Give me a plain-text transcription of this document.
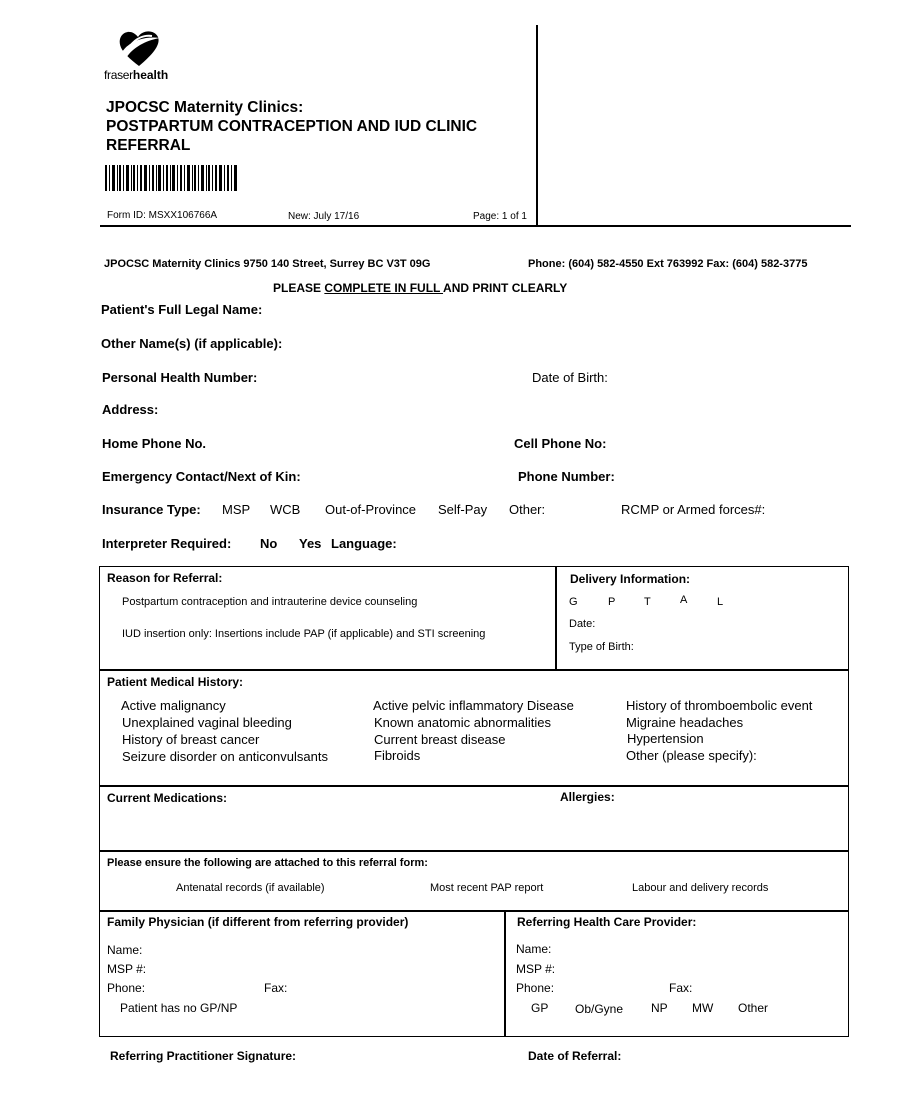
fraserhealth
JPOCSC Maternity Clinics:
POSTPARTUM CONTRACEPTION AND IUD CLINIC
REFERRAL
Form ID: MSXX106766A	New: July 17/16	Page: 1 of 1
JPOCSC Maternity Clinics 9750 140 Street, Surrey BC V3T 09G	Phone: (604) 582-4550 Ext 763992 Fax: (604) 582-3775
PLEASE COMPLETE IN FULL AND PRINT CLEARLY
Patient's Full Legal Name:
Other Name(s) (if applicable):
Personal Health Number:	Date of Birth:
Address:
Home Phone No.	Cell Phone No:
Emergency Contact/Next of Kin:	Phone Number:
Insurance Type: MSP WCB Out-of-Province Self-Pay Other:	RCMP or Armed forces#:
Interpreter Required: No Yes Language:
Reason for Referral:
Postpartum contraception and intrauterine device counseling
IUD insertion only: Insertions include PAP (if applicable) and STI screening
Delivery Information:
G	P	T	A	L
Date:
Type of Birth:
Patient Medical History:
Active malignancy
Unexplained vaginal bleeding
History of breast cancer
Seizure disorder on anticonvulsants
Active pelvic inflammatory Disease
Known anatomic abnormalities
Current breast disease
Fibroids
History of thromboembolic event
Migraine headaches
Hypertension
Other (please specify):
Current Medications:	Allergies:
Please ensure the following are attached to this referral form:
Antenatal records (if available)	Most recent PAP report	Labour and delivery records
Family Physician (if different from referring provider)
Name:
MSP #:
Phone:	Fax:
Patient has no GP/NP
Referring Health Care Provider:
Name:
MSP #:
Phone:	Fax:
GP Ob/Gyne NP MW Other
Referring Practitioner Signature:	Date of Referral:
